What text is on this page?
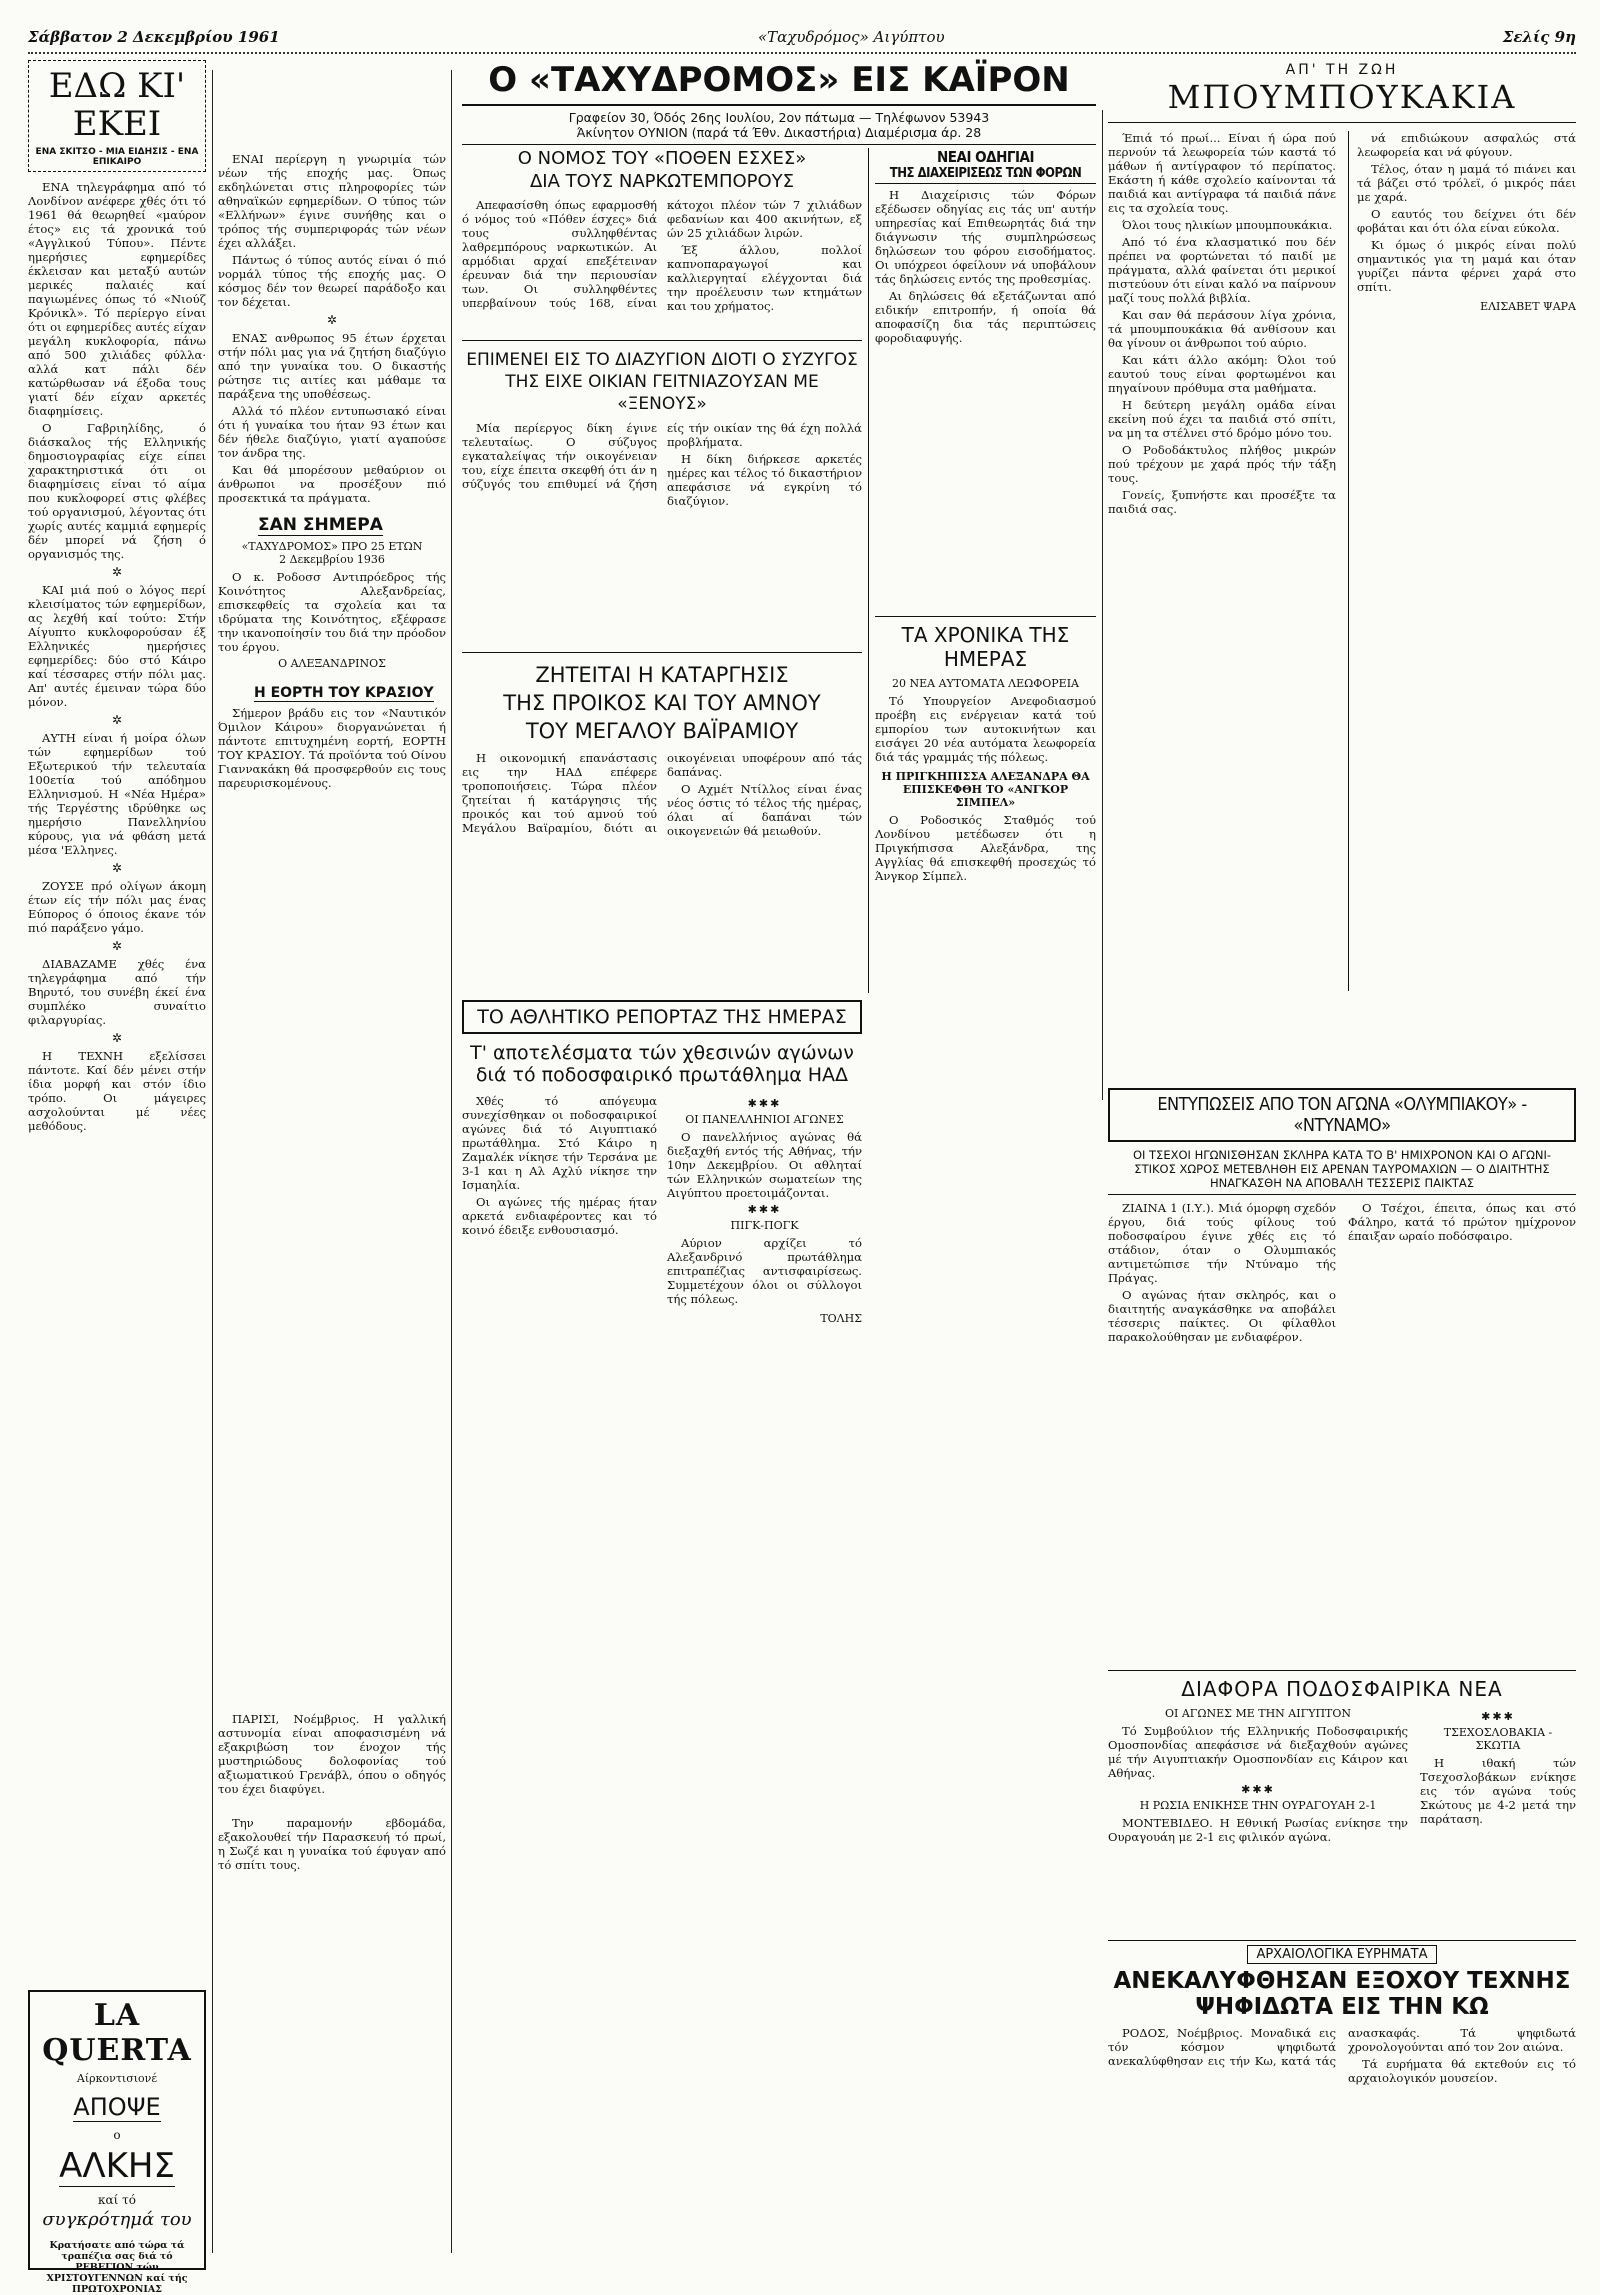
Σάββατον 2 Δεκεμβρίου 1961	«Ταχυδρόμος» Αιγύπτου	Σελίς 9η
ΕΔΩ ΚΙ' ΕΚΕΙ
ΕΝΑ ΣΚΙΤΣΟ - ΜΙΑ ΕΙΔΗΣΙΣ - ΕΝΑ ΕΠΙΚΑΙΡΟ

ΕΝΑ τηλεγράφημα από τό Λονδίνον ανέφερε χθές ότι τό 1961 θά θεωρηθεί «μαύρον έτος» εις τά χρονικά τού «Αγγλικού Τύπου». Πέντε ημερήσιες εφημερίδες έκλεισαν και μεταξύ αυτών μερικές παλαιές καί παγιωμένες όπως τό «Νιούζ Κρόνικλ». Τό περίεργο είναι ότι οι εφημερίδες αυτές είχαν μεγάλη κυκλοφορία, πάνω από 500 χιλιάδες φύλλα· αλλά κατ πάλι δέν κατώρθωσαν νά έξοδα τους γιατί δέν είχαν αρκετές διαφημίσεις.

Ο Γαβριηλίδης, ό διάσκαλος τής Ελληνικής δημοσιογραφίας είχε είπει χαρακτηριστικά ότι οι διαφημίσεις είναι τό αίμα που κυκλοφορεί στις φλέβες τού οργανισμού, λέγοντας ότι χωρίς αυτές καμμιά εφημερίς δέν μπορεί νά ζήση ό οργανισμός της.

✲

ΚΑΙ μιά πού ο λόγος περί κλεισίματος τών εφημερίδων, ας λεχθή καί τούτο: Στήν Αίγυπτο κυκλοφορούσαν έξ Ελληνικές ημερήσιες εφημερίδες: δύο στό Κάιρο καί τέσσαρες στήν πόλι μας. Απ' αυτές έμειναν τώρα δύο μόνον.

✲

ΑΥΤΗ είναι ή μοίρα όλων τών εφημερίδων τού Εξωτερικού τήν τελευταία 100ετία τού απόδημου Ελληνισμού. Η «Νέα Ημέρα» τής Τεργέστης ιδρύθηκε ως ημερήσιο Πανελληνίου κύρους, για νά φθάση μετά μέσα 'Ελληνες.

✲

ΖΟΥΣΕ πρό ολίγων άκομη έτων είς τήν πόλι μας ένας Εύπορος ό όποιος έκανε τόν πιό παράξενο γάμο.

✲

ΔΙΑΒΑΖΑΜΕ χθές ένα τηλεγράφημα από τήν Βηρυτό, του συνέβη έκεί ένα συμπλέκο συναίτιο φιλαργυρίας.

✲

Η ΤΕΧΝΗ εξελίσσει πάντοτε. Καί δέν μένει στήν ίδια μορφή και στόν ίδιο τρόπο. Οι μάγειρες ασχολούνται μέ νέες μεθόδους.

LA QUERTA
Αίρκοντισιονέ
ΑΠΟΨΕ
ο
ΑΛΚΗΣ
καί τό
συγκρότημά του
Κρατήσατε από τώρα τά τραπέζια σας διά τό ΡΕΒΕΓΙΟΝ τών ΧΡΙΣΤΟΥΓΕΝΝΩΝ καί τής ΠΡΩΤΟΧΡΟΝΙΑΣ

ΕΝΑΙ περίεργη η γνωριμία τών νέων τής εποχής μας. Όπως εκδηλώνεται στις πληροφορίες τών αθηναϊκών εφημερίδων. Ο τύπος τών «Ελλήνων» έγινε συνήθης και ο τρόπος τής συμπεριφοράς τών νέων έχει αλλάξει.

Πάντως ό τύπος αυτός είναι ό πιό νορμάλ τύπος τής εποχής μας. Ο κόσμος δέν τον θεωρεί παράδοξο και τον δέχεται.

✲

ΕΝΑΣ ανθρωπος 95 έτων έρχεται στήν πόλι μας για νά ζητήση διαζύγιο από την γυναίκα του. Ο δικαστής ρώτησε τις αιτίες και μάθαμε τα παράξενα της υποθέσεως.

Αλλά τό πλέον εντυπωσιακό είναι ότι ή γυναίκα του ήταν 93 έτων και δέν ήθελε διαζύγιο, γιατί αγαπούσε τον άνδρα της.

Και θά μπορέσουν μεθαύριον οι άνθρωποι να προσέξουν πιό προσεκτικά τα πράγματα.

ΣΑΝ ΣΗΜΕΡΑ
«ΤΑΧΥΔΡΟΜΟΣ» ΠΡΟ 25 ΕΤΩΝ
2 Δεκεμβρίου 1936

Ο κ. Ροδοσσ Αντιπρόεδρος τής Κοινότητος Αλεξανδρείας, επισκεφθείς τα σχολεία και τα ιδρύματα της Κοινότητος, εξέφρασε την ικανοποίησίν του διά την πρόοδον του έργου.

Ο ΑΛΕΞΑΝΔΡΙΝΟΣ
Η ΕΟΡΤΗ ΤΟΥ ΚΡΑΣΙΟΥ

Σήμερον βράδυ εις τον «Ναυτικόν Όμιλον Κάιρου» διοργανώνεται ή πάντοτε επιτυχημένη εορτή, ΕΟΡΤΗ ΤΟΥ ΚΡΑΣΙΟΥ. Τά προϊόντα τού Οίνου Γιαννακάκη θά προσφερθούν εις τους παρευρισκομένους.

ΠΑΡΙΣΙ, Νοέμβριος. Η γαλλική αστυνομία είναι αποφασισμένη νά εξακριβώση τον ένοχον τής μυστηριώδους δολοφονίας τού αξιωματικού Γρενάβλ, όπου ο οδηγός του έχει διαφύγει.

Την παραμονήν εβδομάδα, εξακολουθεί τήν Παρασκευή τό πρωί, η Σωζέ και η γυναίκα τού έφυγαν από τό σπίτι τους.

Ο «ΤΑΧΥΔΡΟΜΟΣ» ΕΙΣ ΚΑΪΡΟΝ
Γραφείον 30, Όδός 26ης Ιουλίου, 2ον πάτωμα — Τηλέφωνον 53943
Άκίνητον ΟΥΝΙΟΝ (παρά τά Έθν. Δικαστήρια) Διαμέρισμα άρ. 28
Ο ΝΟΜΟΣ ΤΟΥ «ΠΟΘΕΝ ΕΣΧΕΣ»
ΔΙΑ ΤΟΥΣ ΝΑΡΚΩΤΕΜΠΟΡΟΥΣ

Απεφασίσθη όπως εφαρμοσθή ό νόμος τού «Πόθεν έσχες» διά τους συλληφθέντας λαθρεμπόρους ναρκωτικών. Αι αρμόδιαι αρχαί επεξέτειναν έρευναν διά την περιουσίαν των. Οι συλληφθέντες υπερβαίνουν τούς 168, είναι κάτοχοι πλέον τών 7 χιλιάδων φεδανίων και 400 ακινήτων, εξ ών 25 χιλιάδων λιρών.

Έξ άλλου, πολλοί καπνοπαραγωγοί και καλλιεργηταί ελέγχονται διά την προέλευσιν των κτημάτων και του χρήματος.

ΝΕΑΙ ΟΔΗΓΙΑΙ
ΤΗΣ ΔΙΑΧΕΙΡΙΣΕΩΣ ΤΩΝ ΦΟΡΩΝ

Η Διαχείρισις τών Φόρων εξέδωσεν οδηγίας εις τάς υπ' αυτήν υπηρεσίας καί Επιθεωρητάς διά την διάγνωσιν τής συμπληρώσεως δηλώσεων του φόρου εισοδήματος. Οι υπόχρεοι όφείλουν νά υποβάλουν τάς δηλώσεις εντός της προθεσμίας.

Αι δηλώσεις θά εξετάζωνται από ειδικήν επιτροπήν, ή οποία θά αποφασίζη δια τάς περιπτώσεις φοροδιαφυγής.

ΤΑ ΧΡΟΝΙΚΑ ΤΗΣ ΗΜΕΡΑΣ
20 ΝΕΑ ΑΥΤΟΜΑΤΑ ΛΕΩΦΟΡΕΙΑ

Τό Υπουργείον Ανεφοδιασμού προέβη εις ενέργειαν κατά τού εμπορίου των αυτοκινήτων και εισάγει 20 νέα αυτόματα λεωφορεία διά τάς γραμμάς τής πόλεως.

Η ΠΡΙΓΚΗΠΙΣΣΑ ΑΛΕΞΑΝΔΡΑ ΘΑ ΕΠΙΣΚΕΦΘΗ ΤΟ «ΑΝΓΚΟΡ ΣΙΜΠΕΛ»

Ο Ροδοσικός Σταθμός τού Λονδίνου μετέδωσεν ότι η Πριγκήπισσα Αλεξάνδρα, της Αγγλίας θά επισκεφθή προσεχώς τό Άνγκορ Σίμπελ.

ΕΠΙΜΕΝΕΙ ΕΙΣ ΤΟ ΔΙΑΖΥΓΙΟΝ ΔΙΟΤΙ Ο ΣΥΖΥΓΟΣ ΤΗΣ ΕΙΧΕ ΟΙΚΙΑΝ ΓΕΙΤΝΙΑΖΟΥΣΑΝ ΜΕ «ΞΕΝΟΥΣ»

Μία περίεργος δίκη έγινε τελευταίως. Ο σύζυγος εγκαταλείψας τήν οικογένειαν του, είχε έπειτα σκεφθή ότι άν η σύζυγός του επιθυμεί νά ζήση είς τήν οικίαν της θά έχη πολλά προβλήματα.

Η δίκη διήρκεσε αρκετές ημέρες και τέλος τό δικαστήριον απεφάσισε νά εγκρίνη τό διαζύγιον.

ΖΗΤΕΙΤΑΙ Η ΚΑΤΑΡΓΗΣΙΣ
ΤΗΣ ΠΡΟΙΚΟΣ ΚΑΙ ΤΟΥ ΑΜΝΟΥ
ΤΟΥ ΜΕΓΑΛΟΥ ΒΑΪΡΑΜΙΟΥ

Η οικονομική επανάστασις εις την ΗΑΔ επέφερε τροποποιήσεις. Τώρα πλέον ζητείται ή κατάργησις τής προικός και τού αμνού τού Μεγάλου Βαϊραμίου, διότι αι οικογένειαι υποφέρουν από τάς δαπάνας.

Ο Αχμέτ Ντίλλος είναι ένας νέος όστις τό τέλος τής ημέρας, όλαι αί δαπάναι τών οικογενειών θά μειωθούν.

ΤΟ ΑΘΛΗΤΙΚΟ ΡΕΠΟΡΤΑΖ ΤΗΣ ΗΜΕΡΑΣ
Τ' αποτελέσματα τών χθεσινών αγώνων
διά τό ποδοσφαιρικό πρωτάθλημα ΗΑΔ

Χθές τό απόγευμα συνεχίσθηκαν οι ποδοσφαιρικοί αγώνες διά τό Αιγυπτιακό πρωτάθλημα. Στό Κάιρο η Ζαμαλέκ νίκησε τήν Τερσάνα με 3-1 και η Αλ Αχλύ νίκησε την Ισμαηλία.

Οι αγώνες τής ημέρας ήταν αρκετά ενδιαφέροντες και τό κοινό έδειξε ενθουσιασμό.

✱✱✱
ΟΙ ΠΑΝΕΛΛΗΝΙΟΙ ΑΓΩΝΕΣ

Ο πανελλήνιος αγώνας θά διεξαχθή εντός τής Αθήνας, τήν 10ην Δεκεμβρίου. Οι αθληταί τών Ελληνικών σωματείων της Αιγύπτου προετοιμάζονται.

✱✱✱
ΠΙΓΚ-ΠΟΓΚ

Αύριον αρχίζει τό Αλεξανδρινό πρωτάθλημα επιτραπέζιας αντισφαιρίσεως. Συμμετέχουν όλοι οι σύλλογοι τής πόλεως.

ΤΟΛΗΣ
ΑΠ' ΤΗ ΖΩΗ
ΜΠΟΥΜΠΟΥΚΑΚΙΑ

Έπιά τό πρωί... Είναι ή ώρα πού περνούν τά λεωφορεία τών καστά τό μάθων ή αντίγραφον τό περίπατος. Εκάστη ή κάθε σχολείο καίνονται τά παιδιά και αντίγραφα τά παιδιά πάνε εις τα σχολεία τους.

Όλοι τους ηλικίων μπουμπουκάκια.

Από τό ένα κλασματικό που δέν πρέπει να φορτώνεται τό παιδί με πράγματα, αλλά φαίνεται ότι μερικοί πιστεύουν ότι είναι καλό να παίρνουν μαζί τους πολλά βιβλία.

Και σαν θά περάσουν λίγα χρόνια, τά μπουμπουκάκια θά ανθίσουν και θα γίνουν οι άνθρωποι τού αύριο.

Και κάτι άλλο ακόμη: Όλοι τού εαυτού τους είναι φορτωμένοι και πηγαίνουν πρόθυμα στα μαθήματα.

Η δεύτερη μεγάλη ομάδα είναι εκείνη πού έχει τα παιδιά στό σπίτι, να μη τα στέλνει στό δρόμο μόνο του.

Ο Ροδοδάκτυλος πλήθος μικρών πού τρέχουν με χαρά πρός τήν τάξη τους.

Γονείς, ξυπνήστε και προσέξτε τα παιδιά σας.

νά επιδιώκουν ασφαλώς στά λεωφορεία και νά φύγουν.

Τέλος, όταν η μαμά τό πιάνει και τά βάζει στό τρόλεϊ, ό μικρός πάει με χαρά.

Ο εαυτός του δείχνει ότι δέν φοβάται και ότι όλα είναι εύκολα.

Κι όμως ό μικρός είναι πολύ σημαντικός για τη μαμά και όταν γυρίζει πάντα φέρνει χαρά στο σπίτι.

ΕΛΙΣΑΒΕΤ ΨΑΡΑ
ΕΝΤΥΠΩΣΕΙΣ ΑΠΟ ΤΟΝ ΑΓΩΝΑ «ΟΛΥΜΠΙΑΚΟΥ» - «ΝΤΥΝΑΜΟ»
ΟΙ ΤΣΕΧΟΙ ΗΓΩΝΙΣΘΗΣΑΝ ΣΚΛΗΡΑ ΚΑΤΑ ΤΟ Β' ΗΜΙΧΡΟΝΟΝ ΚΑΙ Ο ΑΓΩΝΙ-
ΣΤΙΚΟΣ ΧΩΡΟΣ ΜΕΤΕΒΛΗΘΗ ΕΙΣ ΑΡΕΝΑΝ ΤΑΥΡΟΜΑΧΙΩΝ — Ο ΔΙΑΙΤΗΤΗΣ
ΗΝΑΓΚΑΣΘΗ ΝΑ ΑΠΟΒΑΛΗ ΤΕΣΣΕΡΙΣ ΠΑΙΚΤΑΣ

ΖΙΑΙΝΑ 1 (Ι.Υ.). Μιά όμορφη σχεδόν έργου, διά τούς φίλους τού ποδοσφαίρου έγινε χθές εις τό στάδιον, όταν ο Ολυμπιακός αντιμετώπισε τήν Ντύναμο τής Πράγας.

Ο αγώνας ήταν σκληρός, και ο διαιτητής αναγκάσθηκε να αποβάλει τέσσερις παίκτες. Οι φίλαθλοι παρακολούθησαν με ενδιαφέρον.

Ο Τσέχοι, έπειτα, όπως και στό Φάληρο, κατά τό πρώτον ημίχρονον έπαιξαν ωραίο ποδόσφαιρο.

ΔΙΑΦΟΡΑ ΠΟΔΟΣΦΑΙΡΙΚΑ ΝΕΑ
ΟΙ ΑΓΩΝΕΣ ΜΕ ΤΗΝ ΑΙΓΥΠΤΟΝ

Τό Συμβούλιον τής Ελληνικής Ποδοσφαιρικής Ομοσπονδίας απεφάσισε νά διεξαχθούν αγώνες μέ τήν Αιγυπτιακήν Ομοσπονδίαν εις Κάιρον και Αθήνας.

✱✱✱
Η ΡΩΣΙΑ ΕΝΙΚΗΣΕ ΤΗΝ ΟΥΡΑΓΟΥΑΗ 2-1

ΜΟΝΤΕΒΙΔΕΟ. Η Εθνική Ρωσίας ενίκησε την Ουραγουάη με 2-1 εις φιλικόν αγώνα.

✱✱✱
ΤΣΕΧΟΣΛΟΒΑΚΙΑ - ΣΚΩΤΙΑ

Η ιθακή τών Τσεχοσλοβάκων ενίκησε εις τόν αγώνα τούς Σκώτους με 4-2 μετά την παράταση.

ΑΡΧΑΙΟΛΟΓΙΚΑ ΕΥΡΗΜΑΤΑ
ΑΝΕΚΑΛΥΦΘΗΣΑΝ ΕΞΟΧΟΥ ΤΕΧΝΗΣ
ΨΗΦΙΔΩΤΑ ΕΙΣ ΤΗΝ ΚΩ

ΡΟΔΟΣ, Νοέμβριος. Μοναδικά εις τόν κόσμον ψηφιδωτά ανεκαλύφθησαν εις τήν Κω, κατά τάς ανασκαφάς. Τά ψηφιδωτά χρονολογούνται από τον 2ον αιώνα.

Τά ευρήματα θά εκτεθούν εις τό αρχαιολογικόν μουσείον.
